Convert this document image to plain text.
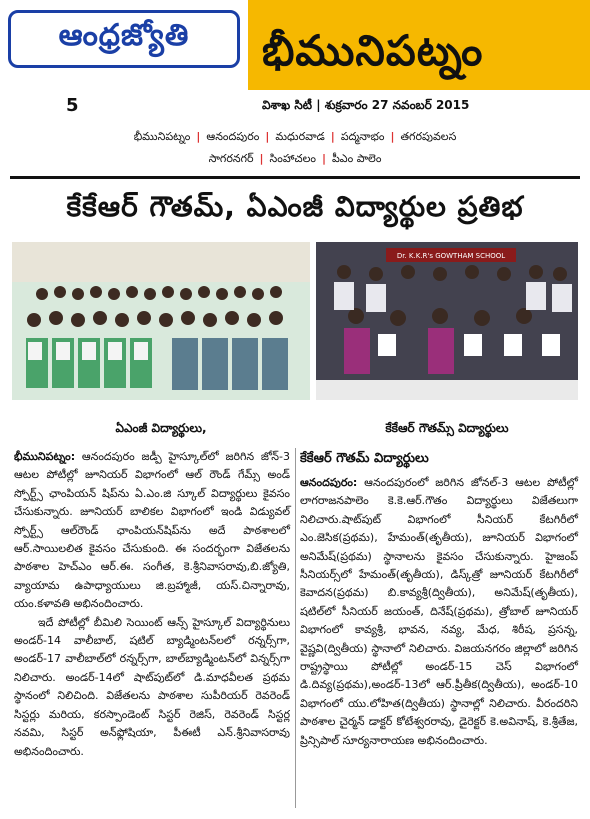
ఆంధ్రజ్యోతి
5
భీమునిపట్నం
విశాఖ సిటీ | శుక్రవారం 27 నవంబర్ 2015
భీమునిపట్నం | ఆనందపురం | మధురవాడ | పద్మనాభం | తగరపువలస
సాగరనగర్ | సింహాచలం | పీఎం పాలెం
కేకేఆర్ గౌతమ్, ఏఎంజీ విద్యార్థుల ప్రతిభ
Dr. K.K.R's GOWTHAM SCHOOL
ఏఎంజీ విద్యార్థులు,	కేకేఆర్ గౌతమ్స్ విద్యార్థులు

భీమునిపట్నం: ఆనందపురం జడ్పీ హైస్కూల్‌లో జరిగిన జోన్-3 ఆటల పోటీల్లో జూనియర్ విభాగంలో ఆల్ రౌండ్ గేమ్స్ అండ్ స్పోర్ట్స్ ఛాంపియన్ షిప్‌ను ఏ.ఎం.జి స్కూల్ విద్యార్థులు కైవసం చేసుకున్నారు. జూనియర్ బాలికల విభాగంలో ఇండి విడ్యువల్ స్పోర్ట్స్ ఆల్‌రౌండ్ ఛాంపియన్‌షిప్‌ను అదే పాఠశాలలో ఆర్.సాయిలలిత కైవసం చేసుకుంది. ఈ సందర్భంగా విజేతలను పాఠశాల హెచ్ఎం ఆర్.ఈ. సంగీత, కె.శ్రీనివాసరావు,బి.జ్యోతి, వ్యాయామ ఉపాధ్యాయులు జి.బ్రహ్మాజీ, యస్.చిన్నారావు, యం.కళావతి అభినందించారు.

ఇదే పోటీల్లో బీమిలి సెయింట్ ఆన్స్ హైస్కూల్ విద్యార్థినులు అండర్-14 వాలీబాల్, షటిల్ బ్యాడ్మింటన్‌లలో రన్నర్స్‌గా, అండర్-17 వాలీబాల్‌లో రన్నర్స్‌గా, బాల్‌బ్యాడ్మింటన్‌లో విన్నర్స్‌గా నిలిచారు. అండర్-14లో షాట్‌పుట్‌లో డి.మాధవీలత ప్రథమ స్థానంలో నిలిచింది. విజేతలను పాఠశాల సుపీరియర్ రెవరెండ్ సిస్టర్లు మరియ, కరస్పాండెంట్ సిస్టర్ రెజిస్, రెవరెండ్ సిస్టర్ల నవమి, సిస్టర్ అన్‌ఫ్లోషియా, పీఈటీ ఎన్.శ్రీనివాసరావు అభినందించారు.

కేకేఆర్ గౌతమ్ విద్యార్థులు

ఆనందపురం: ఆనందపురంలో జరిగిన జోనల్-3 ఆటల పోటీల్లో లాగరాజనపాలెం కె.కె.ఆర్.గౌతం విద్యార్థులు విజేతలుగా నిలిచారు.షాట్‌పుట్ విభాగంలో సీనియర్ కేటగిరీలో ఎం.జెసిక(ప్రథమ), హేమంత్(తృతీయ), జూనియర్ విభాగంలో అనిమేష్(ప్రథమ) స్థానాలను కైవసం చేసుకున్నారు. హైజంప్ సీనియర్స్‌లో హేమంత్(తృతీయ), డిస్క్‌త్రో జూనియర్ కేటగిరీలో కెవాదన(ప్రథమ) బి.కావ్యశ్రీ(ద్వితీయ), అనిమేష్(తృతీయ), షటిల్‌లో సీనియర్ జయంత్, దినేష్(ప్రథమ), త్రోబాల్ జూనియర్ విభాగంలో కావ్యశ్రీ, భావన, నవ్య, మేధ, శిరీష, ప్రసన్న, వైష్ణవి(ద్వితీయ) స్థానాలో నిలిచారు. విజయనగరం జిల్లాలో జరిగిన రాష్ట్రస్థాయి పోటీల్లో అండర్-15 చెస్ విభాగంలో డి.దివ్య(ప్రథమ),అండర్-13లో ఆర్.ప్రీతీక(ద్వితీయ), అండర్-10 విభాగంలో యు.లోహిత(ద్వితీయ) స్థానాల్లో నిలిచారు. వీరందరిని పాఠశాల చైర్మన్ డాక్టర్ కోటేశ్వరరావు, డైరెక్టర్ కె.అవినాష్, కె.శ్రీతేజ, ప్రిన్సిపాల్ సూర్యనారాయణ అభినందించారు.
